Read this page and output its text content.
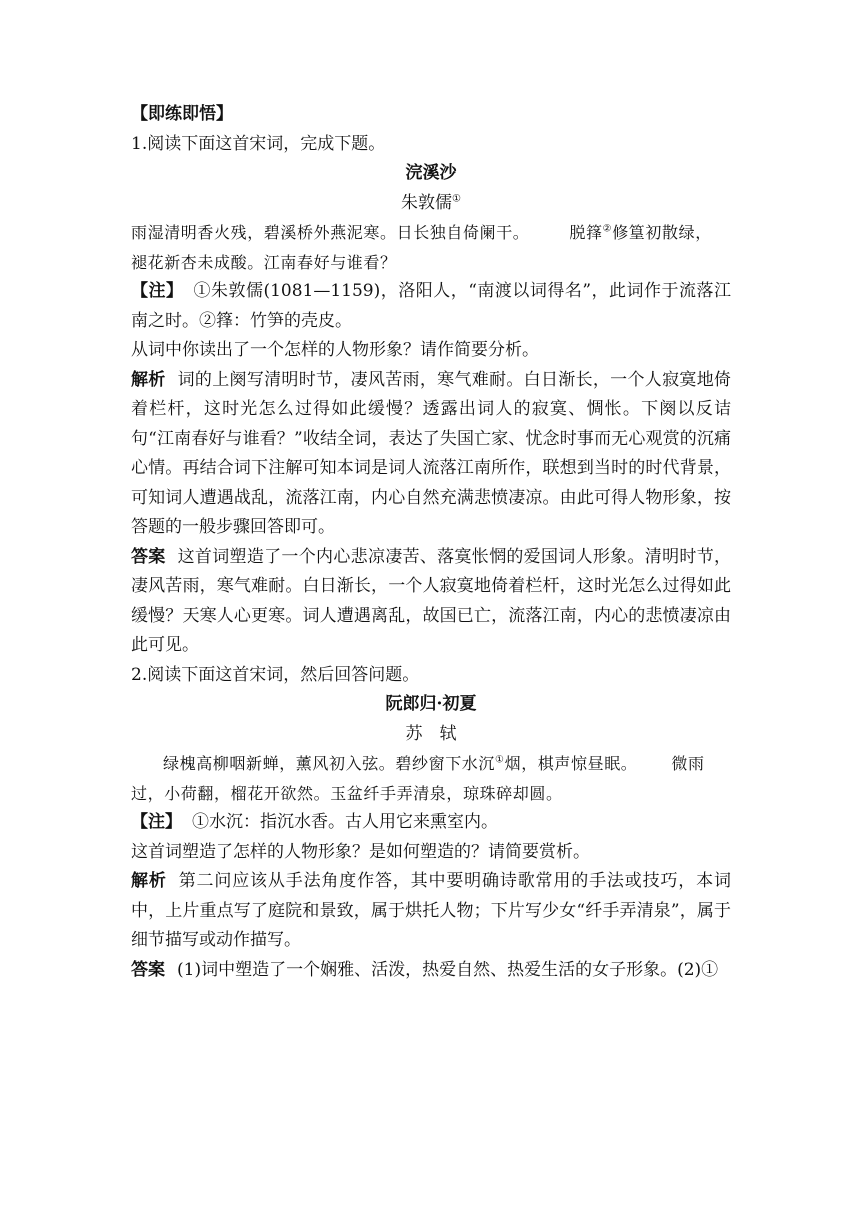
【即练即悟】

1.阅读下面这首宋词，完成下题。

浣溪沙

朱敦儒①

雨湿清明香火残，碧溪桥外燕泥寒。日长独自倚阑干。	脱箨②修篁初散绿，

褪花新杏未成酸。江南春好与谁看？

【注】 ①朱敦儒(1081—1159)，洛阳人，“南渡以词得名”，此词作于流落江南之时。②箨：竹笋的壳皮。

从词中你读出了一个怎样的人物形象？请作简要分析。

解析 词的上阕写清明时节，凄风苦雨，寒气难耐。白日渐长，一个人寂寞地倚着栏杆，这时光怎么过得如此缓慢？透露出词人的寂寞、惆怅。下阕以反诘句“江南春好与谁看？”收结全词，表达了失国亡家、忧念时事而无心观赏的沉痛心情。再结合词下注解可知本词是词人流落江南所作，联想到当时的时代背景，可知词人遭遇战乱，流落江南，内心自然充满悲愤凄凉。由此可得人物形象，按答题的一般步骤回答即可。

答案 这首词塑造了一个内心悲凉凄苦、落寞怅惘的爱国词人形象。清明时节，凄风苦雨，寒气难耐。白日渐长，一个人寂寞地倚着栏杆，这时光怎么过得如此缓慢？天寒人心更寒。词人遭遇离乱，故国已亡，流落江南，内心的悲愤凄凉由此可见。

2.阅读下面这首宋词，然后回答问题。

阮郎归·初夏

苏　轼

绿槐高柳咽新蝉，薰风初入弦。碧纱窗下水沉①烟，棋声惊昼眠。 微雨

过，小荷翻，榴花开欲然。玉盆纤手弄清泉，琼珠碎却圆。

【注】 ①水沉：指沉水香。古人用它来熏室内。

这首词塑造了怎样的人物形象？是如何塑造的？请简要赏析。

解析 第二问应该从手法角度作答，其中要明确诗歌常用的手法或技巧，本词中，上片重点写了庭院和景致，属于烘托人物；下片写少女“纤手弄清泉”，属于细节描写或动作描写。

答案 (1)词中塑造了一个娴雅、活泼，热爱自然、热爱生活的女子形象。(2)①
